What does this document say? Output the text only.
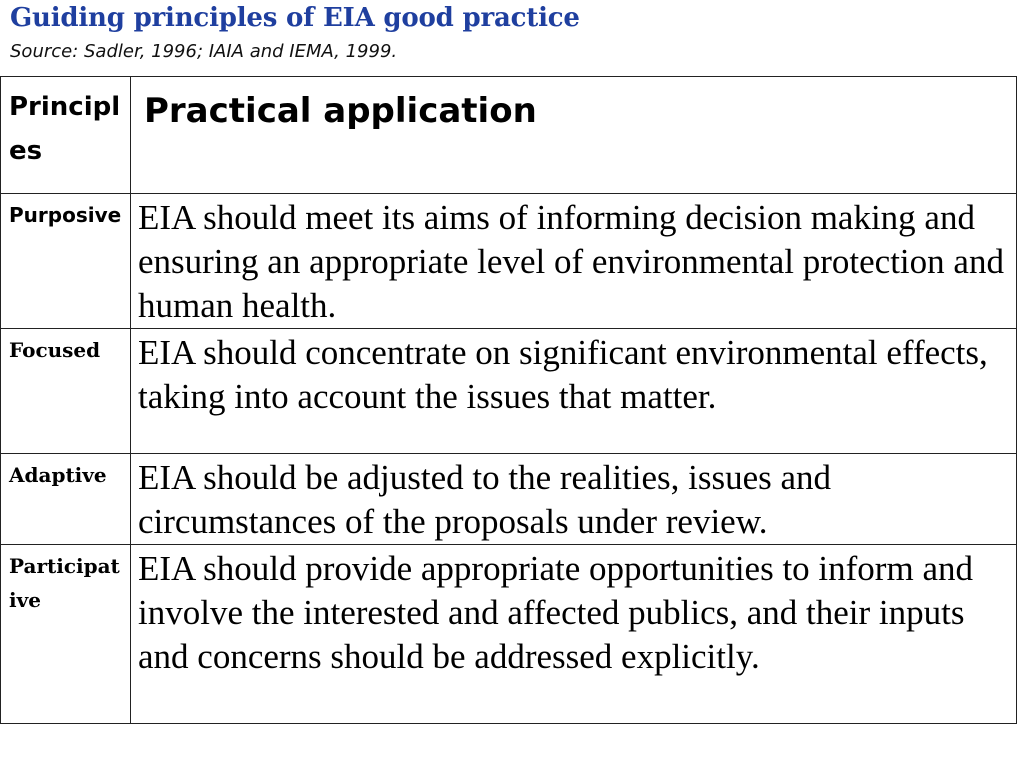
Guiding principles of EIA good practice
Source: Sadler, 1996; IAIA and IEMA, 1999.
Principles	Practical application
Purposive	EIA should meet its aims of informing decision making and ensuring an appropriate level of environmental protection and human health.
Focused	EIA should concentrate on significant environmental effects, taking into account the issues that matter.
Adaptive	EIA should be adjusted to the realities, issues and circumstances of the proposals under review.
Participative	EIA should provide appropriate opportunities to inform and involve the interested and affected publics, and their inputs and concerns should be addressed explicitly.
